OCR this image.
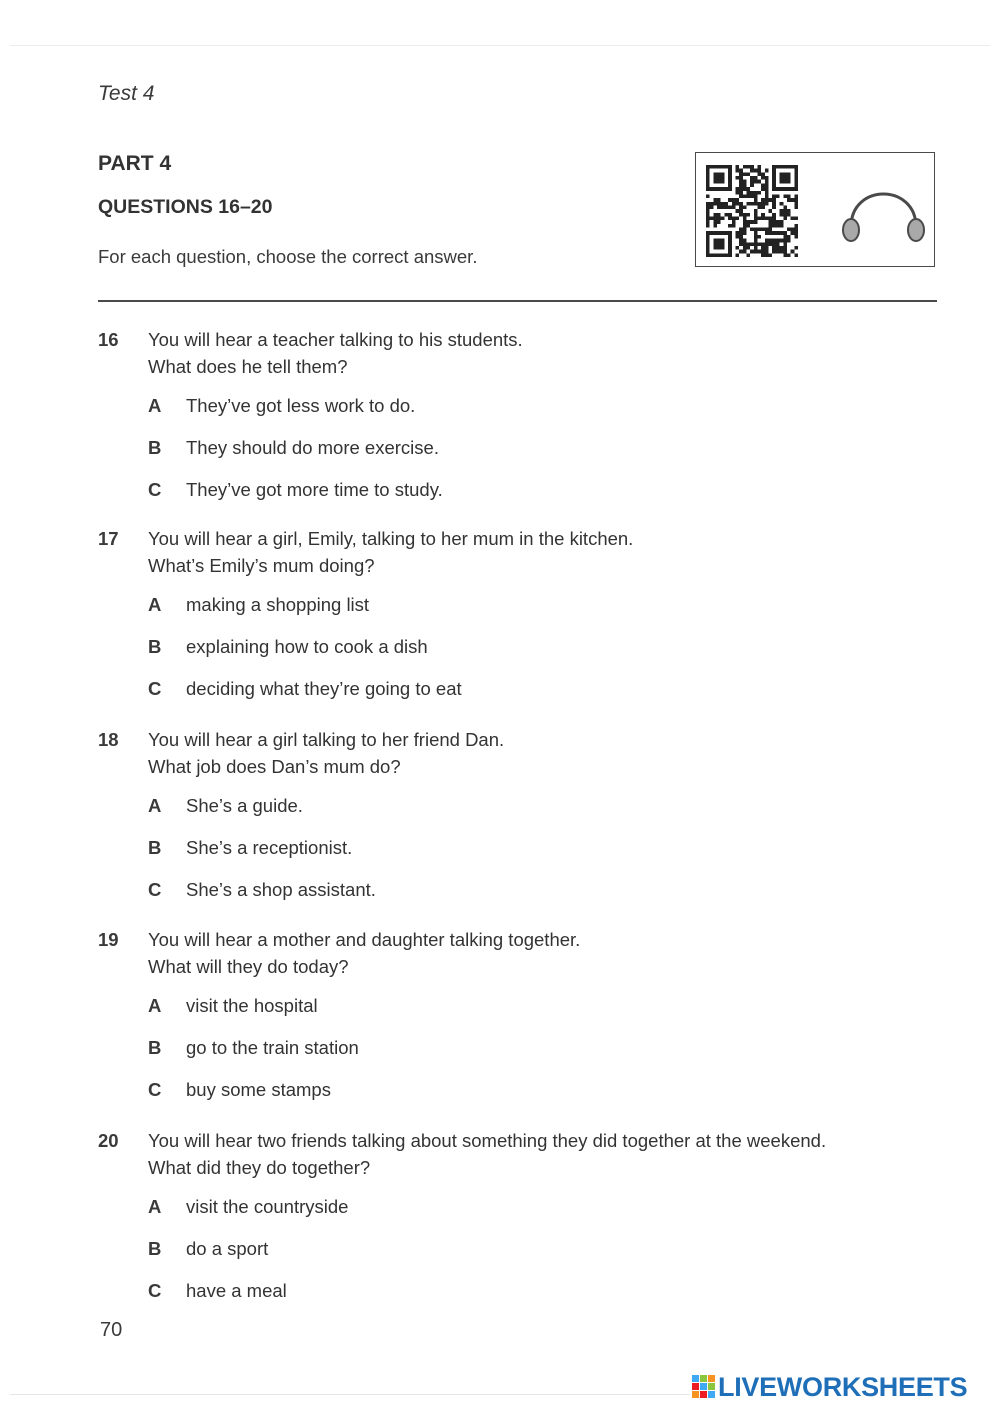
Test 4
PART 4
QUESTIONS 16–20
For each question, choose the correct answer.
16 You will hear a teacher talking to his students.
What does he tell them?
A They’ve got less work to do.
B They should do more exercise.
C They’ve got more time to study.
17 You will hear a girl, Emily, talking to her mum in the kitchen.
What’s Emily’s mum doing?
A making a shopping list
B explaining how to cook a dish
C deciding what they’re going to eat
18 You will hear a girl talking to her friend Dan.
What job does Dan’s mum do?
A She’s a guide.
B She’s a receptionist.
C She’s a shop assistant.
19 You will hear a mother and daughter talking together.
What will they do today?
A visit the hospital
B go to the train station
C buy some stamps
20 You will hear two friends talking about something they did together at the weekend.
What did they do together?
A visit the countryside
B do a sport
C have a meal
70
LIVEWORKSHEETS
